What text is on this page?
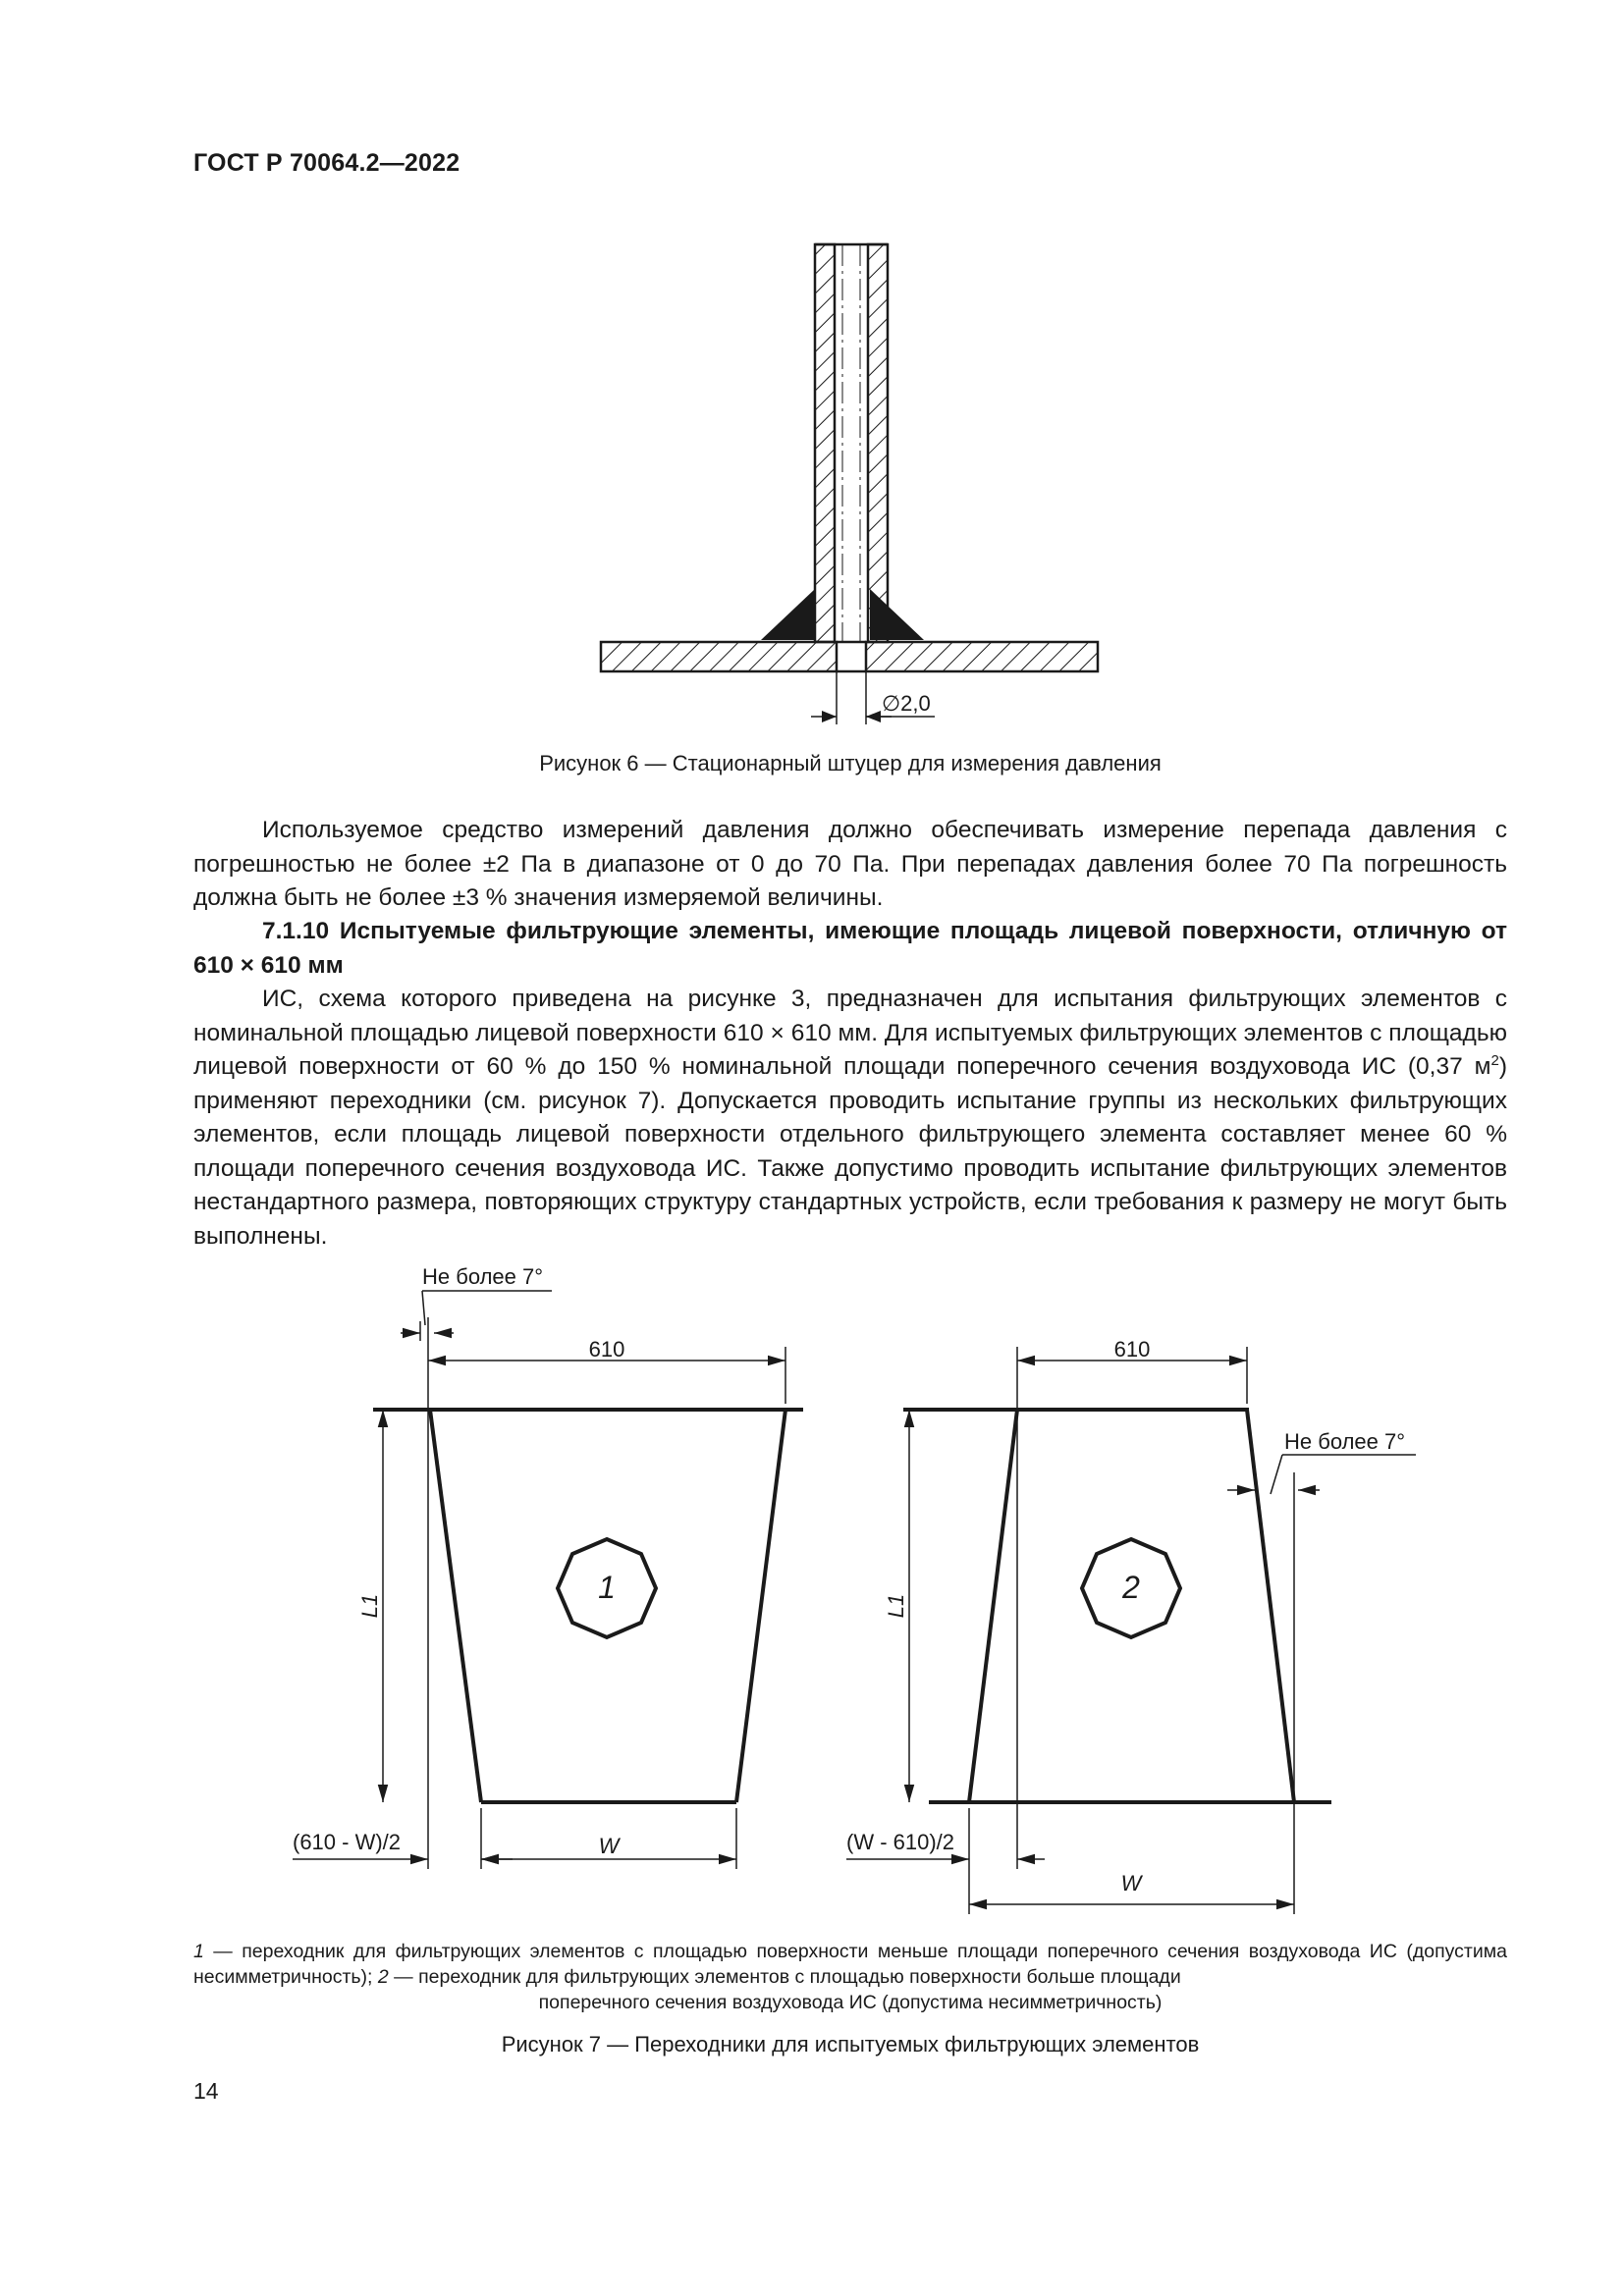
ГОСТ Р 70064.2—2022
∅2,0
Рисунок 6 — Стационарный штуцер для измерения давления

Используемое средство измерений давления должно обеспечивать измерение перепада давления с погрешностью не более ±2 Па в диапазоне от 0 до 70 Па. При перепадах давления более 70 Па погрешность должна быть не более ±3 % значения измеряемой величины.

7.1.10 Испытуемые фильтрующие элементы, имеющие площадь лицевой поверхности, отличную от 610 × 610 мм

ИС, схема которого приведена на рисунке 3, предназначен для испытания фильтрующих элементов с номинальной площадью лицевой поверхности 610 × 610 мм. Для испытуемых фильтрующих элементов с площадью лицевой поверхности от 60 % до 150 % номинальной площади поперечного сечения воздуховода ИС (0,37 $м^2$) применяют переходники (см. рисунок 7). Допускается проводить испытание группы из нескольких фильтрующих элементов, если площадь лицевой поверхности отдельного фильтрующего элемента составляет менее 60 % площади поперечного сечения воздуховода ИС. Также допустимо проводить испытание фильтрующих элементов нестандартного размера, повторяющих структуру стандартных устройств, если требования к размеру не могут быть выполнены.

610
L1
Не более 7°
W
(610 - W)/2
1
610
L1
Не более 7°
W
(W - 610)/2
2

1 — переходник для фильтрующих элементов с площадью поверхности меньше площади поперечного сечения воздуховода ИС (допустима несимметричность); 2 — переходник для фильтрующих элементов с площадью поверхности больше площади
поперечного сечения воздуховода ИС (допустима несимметричность)

Рисунок 7 — Переходники для испытуемых фильтрующих элементов
14
